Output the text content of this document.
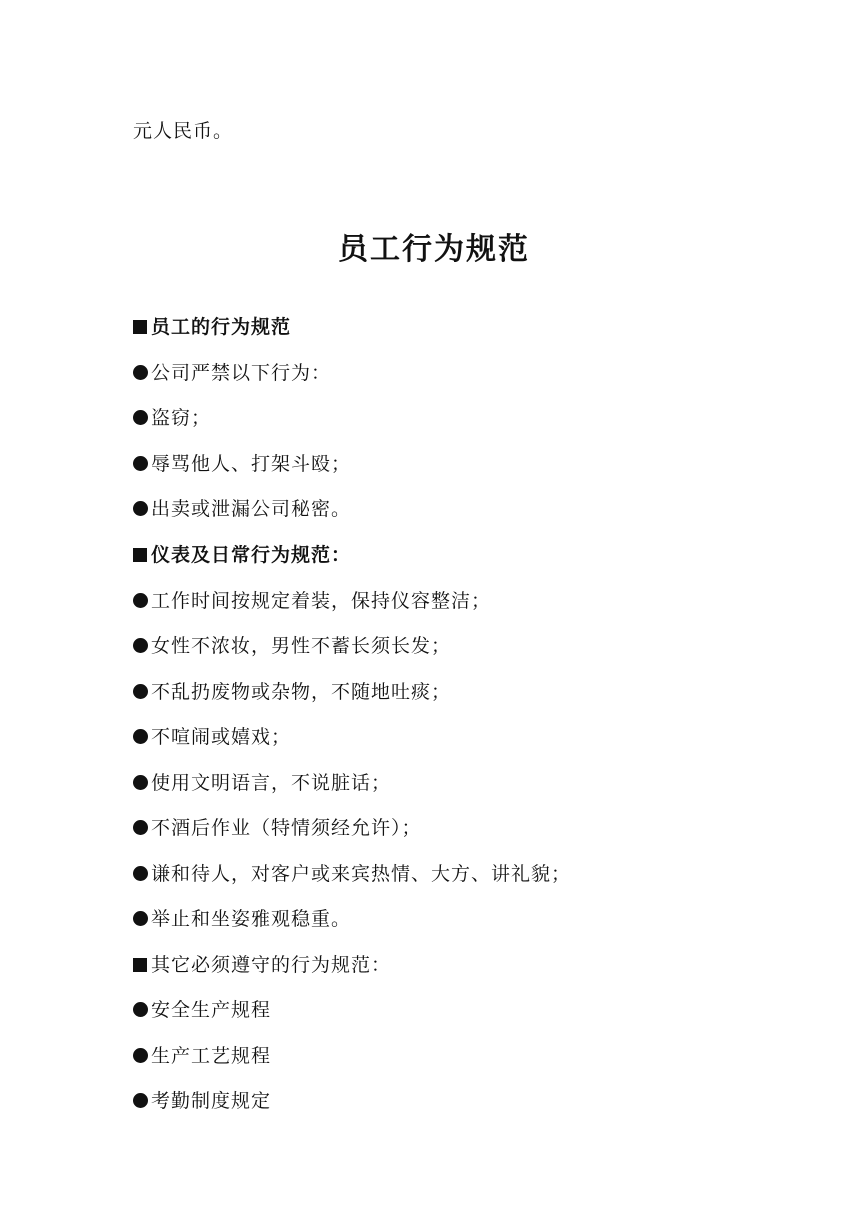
元人民币。
员工行为规范
员工的行为规范
公司严禁以下行为：
盗窃；
辱骂他人、打架斗殴；
出卖或泄漏公司秘密。
仪表及日常行为规范：
工作时间按规定着装，保持仪容整洁；
女性不浓妆，男性不蓄长须长发；
不乱扔废物或杂物，不随地吐痰；
不喧闹或嬉戏；
使用文明语言，不说脏话；
不酒后作业（特情须经允许）；
谦和待人，对客户或来宾热情、大方、讲礼貌；
举止和坐姿雅观稳重。
其它必须遵守的行为规范：
安全生产规程
生产工艺规程
考勤制度规定
